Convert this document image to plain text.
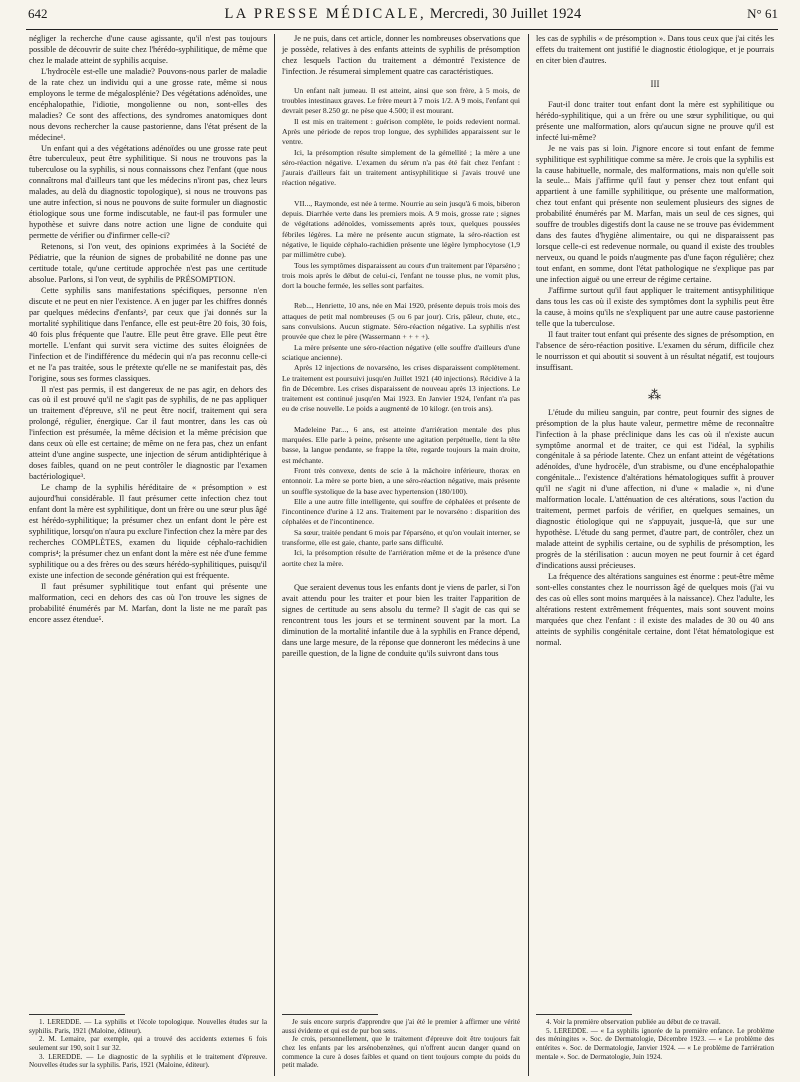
642	LA PRESSE MÉDICALE, Mercredi, 30 Juillet 1924	N° 61

négliger la recherche d'une cause agissante, qu'il n'est pas toujours possible de découvrir de suite chez l'hérédo-syphilitique, de même que chez le malade atteint de syphilis acquise.

L'hydrocèle est-elle une maladie? Pouvons-nous parler de maladie de la rate chez un individu qui a une grosse rate, même si nous employons le terme de mégalosplénie? Des végétations adénoïdes, une encéphalopathie, l'idiotie, mongolienne ou non, sont-elles des maladies? Ce sont des affections, des syndromes anatomiques dont nous devons rechercher la cause pastorienne, dans l'état présent de la médecine¹.

Un enfant qui a des végétations adénoïdes ou une grosse rate peut être tuberculeux, peut être syphilitique. Si nous ne trouvons pas la tuberculose ou la syphilis, si nous connaissons chez l'enfant (que nous connaîtrons mal d'ailleurs tant que les médecins n'iront pas, chez leurs malades, au delà du diagnostic topologique), si nous ne trouvons pas une autre infection, si nous ne pouvons de suite formuler un diagnostic étiologique sous une forme indiscutable, ne faut-il pas formuler une hypothèse et suivre dans notre action une ligne de conduite qui permette de vérifier ou d'infirmer celle-ci?

Retenons, si l'on veut, des opinions exprimées à la Société de Pédiatrie, que la réunion de signes de probabilité ne donne pas une certitude totale, qu'une certitude approchée n'est pas une certitude absolue. Parlons, si l'on veut, de syphilis de PRÉSOMPTION.

Cette syphilis sans manifestations spécifiques, personne n'en discute et ne peut en nier l'existence. A en juger par les chiffres donnés par quelques médecins d'enfants², par ceux que j'ai donnés sur la mortalité syphilitique dans l'enfance, elle est peut-être 20 fois, 30 fois, 40 fois plus fréquente que l'autre. Elle peut être grave. Elle peut être mortelle. L'enfant qui survit sera victime des suites éloignées de l'infection et de l'indifférence du médecin qui n'a pas reconnu celle-ci et ne l'a pas traitée, sous le prétexte qu'elle ne se manifestait pas, dès l'origine, sous ses formes classiques.

Il n'est pas permis, il est dangereux de ne pas agir, en dehors des cas où il est prouvé qu'il ne s'agit pas de syphilis, de ne pas appliquer un traitement d'épreuve, s'il ne peut être nocif, traitement qui sera prolongé, régulier, énergique. Car il faut montrer, dans les cas où l'infection est présumée, la même décision et la même précision que dans ceux où elle est certaine; de même on ne fera pas, chez un enfant atteint d'une angine suspecte, une injection de sérum antidiphtérique à doses faibles, quand on ne peut contrôler le diagnostic par l'examen bactériologique³.

Le champ de la syphilis héréditaire de « présomption » est aujourd'hui considérable. Il faut présumer cette infection chez tout enfant dont la mère est syphilitique, dont un frère ou une sœur plus âgé est hérédo-syphilitique; la présumer chez un enfant dont le père est syphilitique, lorsqu'on n'aura pu exclure l'infection chez la mère par des recherches COMPLÈTES, examen du liquide céphalo-rachidien compris⁴; la présumer chez un enfant dont la mère est née d'une femme syphilitique ou a des frères ou des sœurs hérédo-syphilitiques, puisqu'il existe une infection de seconde génération qui est fréquente.

Il faut présumer syphilitique tout enfant qui présente une malformation, ceci en dehors des cas où l'on trouve les signes de probabilité énumérés par M. Marfan, dont la liste ne me paraît pas encore assez étendue⁵.

Je ne puis, dans cet article, donner les nombreuses observations que je possède, relatives à des enfants atteints de syphilis de présomption chez lesquels l'action du traitement a démontré l'existence de l'infection. Je résumerai simplement quatre cas caractéristiques.

Un enfant naît jumeau. Il est atteint, ainsi que son frère, à 5 mois, de troubles intestinaux graves. Le frère meurt à 7 mois 1/2. A 9 mois, l'enfant qui devrait peser 8.250 gr. ne pèse que 4.500; il est mourant.

Il est mis en traitement : guérison complète, le poids redevient normal. Après une période de repos trop longue, des syphilides apparaissent sur le ventre.

Ici, la présomption résulte simplement de la gémellité ; la mère a une séro-réaction négative. L'examen du sérum n'a pas été fait chez l'enfant : j'aurais d'ailleurs fait un traitement antisyphilitique si j'avais trouvé une réaction négative.

VII..., Raymonde, est née à terme. Nourrie au sein jusqu'à 6 mois, biberon depuis. Diarrhée verte dans les premiers mois. A 9 mois, grosse rate ; signes de végétations adénoïdes, vomissements après toux, quelques poussées fébriles légères. La mère ne présente aucun stigmate, la séro-réaction est négative, le liquide céphalo-rachidien présente une légère lymphocytose (1,9 par millimètre cube).

Tous les symptômes disparaissent au cours d'un traitement par l'éparséno ; trois mois après le début de celui-ci, l'enfant ne tousse plus, ne vomit plus, dort la bouche fermée, les selles sont parfaites.

Reb..., Henriette, 10 ans, née en Mai 1920, présente depuis trois mois des attaques de petit mal nombreuses (5 ou 6 par jour). Cris, pâleur, chute, etc., sans convulsions. Aucun stigmate. Séro-réaction négative. La syphilis n'est prouvée que chez le père (Wassermann + + + +).

La mère présente une séro-réaction négative (elle souffre d'ailleurs d'une sciatique ancienne).

Après 12 injections de novarséno, les crises disparaissent complètement. Le traitement est poursuivi jusqu'en Juillet 1921 (40 injections). Récidive à la fin de Décembre. Les crises disparaissent de nouveau après 13 injections. Le traitement est continué jusqu'en Mai 1923. En Janvier 1924, l'enfant n'a pas eu de crise nouvelle. Le poids a augmenté de 10 kilogr. (en trois ans).

Madeleine Par..., 6 ans, est atteinte d'arriération mentale des plus marquées. Elle parle à peine, présente une agitation perpétuelle, tient la tête basse, la langue pendante, se frappe la tête, regarde toujours la main droite, est méchante.

Front très convexe, dents de scie à la mâchoire inférieure, thorax en entonnoir. La mère se porte bien, a une séro-réaction négative, mais présente un souffle systolique de la base avec hypertension (180/100).

Elle a une autre fille intelligente, qui souffre de céphalées et présente de l'incontinence d'urine à 12 ans. Traitement par le novarséno : disparition des céphalées et de l'incontinence.

Sa sœur, traitée pendant 6 mois par l'éparséno, et qu'on voulait interner, se transforme, elle est gaie, chante, parle sans difficulté.

Ici, la présomption résulte de l'arriération même et de la présence d'une aortite chez la mère.

Que seraient devenus tous les enfants dont je viens de parler, si l'on avait attendu pour les traiter et pour bien les traiter l'apparition de signes de certitude au sens absolu du terme? Il s'agit de cas qui se rencontrent tous les jours et se terminent souvent par la mort. La diminution de la mortalité infantile due à la syphilis en France dépend, dans une large mesure, de la réponse que donneront les médecins à une pareille question, de la ligne de conduite qu'ils suivront dans tous

les cas de syphilis « de présomption ». Dans tous ceux que j'ai cités les effets du traitement ont justifié le diagnostic étiologique, et je pourrais en citer bien d'autres.

III

Faut-il donc traiter tout enfant dont la mère est syphilitique ou hérédo-syphilitique, qui a un frère ou une sœur syphilitique, ou qui présente une malformation, alors qu'aucun signe ne prouve qu'il est infecté lui-même?

Je ne vais pas si loin. J'ignore encore si tout enfant de femme syphilitique est syphilitique comme sa mère. Je crois que la syphilis est la cause habituelle, normale, des malformations, mais non qu'elle soit la seule... Mais j'affirme qu'il faut y penser chez tout enfant qui appartient à une famille syphilitique, ou présente une malformation, chez tout enfant qui présente non seulement plusieurs des signes de probabilité énumérés par M. Marfan, mais un seul de ces signes, qui souffre de troubles digestifs dont la cause ne se trouve pas évidemment dans des fautes d'hygiène alimentaire, ou qui ne disparaissent pas lorsque celle-ci est redevenue normale, ou quand il existe des troubles nerveux, ou quand le poids n'augmente pas d'une façon régulière; chez tout enfant, en somme, dont l'état pathologique ne s'explique pas par une infection aiguë ou une erreur de régime certaine.

J'affirme surtout qu'il faut appliquer le traitement antisyphilitique dans tous les cas où il existe des symptômes dont la syphilis peut être la cause, à moins qu'ils ne s'expliquent par une autre cause pastorienne telle que la tuberculose.

Il faut traiter tout enfant qui présente des signes de présomption, en l'absence de séro-réaction positive. L'examen du sérum, difficile chez le nourrisson et qui aboutit si souvent à un résultat négatif, est toujours insuffisant.

⁂

L'étude du milieu sanguin, par contre, peut fournir des signes de présomption de la plus haute valeur, permettre même de reconnaître l'infection à la phase préclinique dans les cas où il n'existe aucun symptôme anormal et de traiter, ce qui est l'idéal, la syphilis congénitale à sa période latente. Chez un enfant atteint de végétations adénoïdes, d'une hydrocèle, d'un strabisme, ou d'une encéphalopathie congénitale... l'existence d'altérations hématologiques suffit à prouver qu'il ne s'agit ni d'une affection, ni d'une « maladie », ni d'une malformation locale. L'atténuation de ces altérations, sous l'action du traitement, permet parfois de vérifier, en quelques semaines, un diagnostic étiologique qui ne s'appuyait, jusque-là, que sur une hypothèse. L'étude du sang permet, d'autre part, de contrôler, chez un malade atteint de syphilis certaine, ou de syphilis de présomption, les progrès de la stérilisation : aucun moyen ne peut fournir à cet égard d'indications aussi précieuses.

La fréquence des altérations sanguines est énorme : peut-être même sont-elles constantes chez le nourrisson âgé de quelques mois (j'ai vu des cas où elles sont moins marquées à la naissance). Chez l'adulte, les altérations restent extrêmement fréquentes, mais sont souvent moins marquées que chez l'enfant : il existe des malades de 30 ou 40 ans atteints de syphilis congénitale certaine, dont l'état hématologique est normal.

1. LEREDDE. — La syphilis et l'école topologique. Nouvelles études sur la syphilis. Paris, 1921 (Maloine, éditeur).

2. M. Lemaire, par exemple, qui a trouvé des accidents externes 6 fois seulement sur 190, soit 1 sur 32.

3. LEREDDE. — Le diagnostic de la syphilis et le traitement d'épreuve. Nouvelles études sur la syphilis. Paris, 1921 (Maloine, éditeur).

Je suis encore surpris d'apprendre que j'ai été le premier à affirmer une vérité aussi évidente et qui est de pur bon sens.

Je crois, personnellement, que le traitement d'épreuve doit être toujours fait chez les enfants par les arsénobenzènes, qui n'offrent aucun danger quand on commence la cure à doses faibles et quand on tient toujours compte du poids du petit malade.

4. Voir la première observation publiée au début de ce travail.

5. LEREDDE. — « La syphilis ignorée de la première enfance. Le problème des méningites ». Soc. de Dermatologie, Décembre 1923. — « Le problème des entérites ». Soc. de Dermatologie, Janvier 1924. — « Le problème de l'arriération mentale ». Soc. de Dermatologie, Juin 1924.
